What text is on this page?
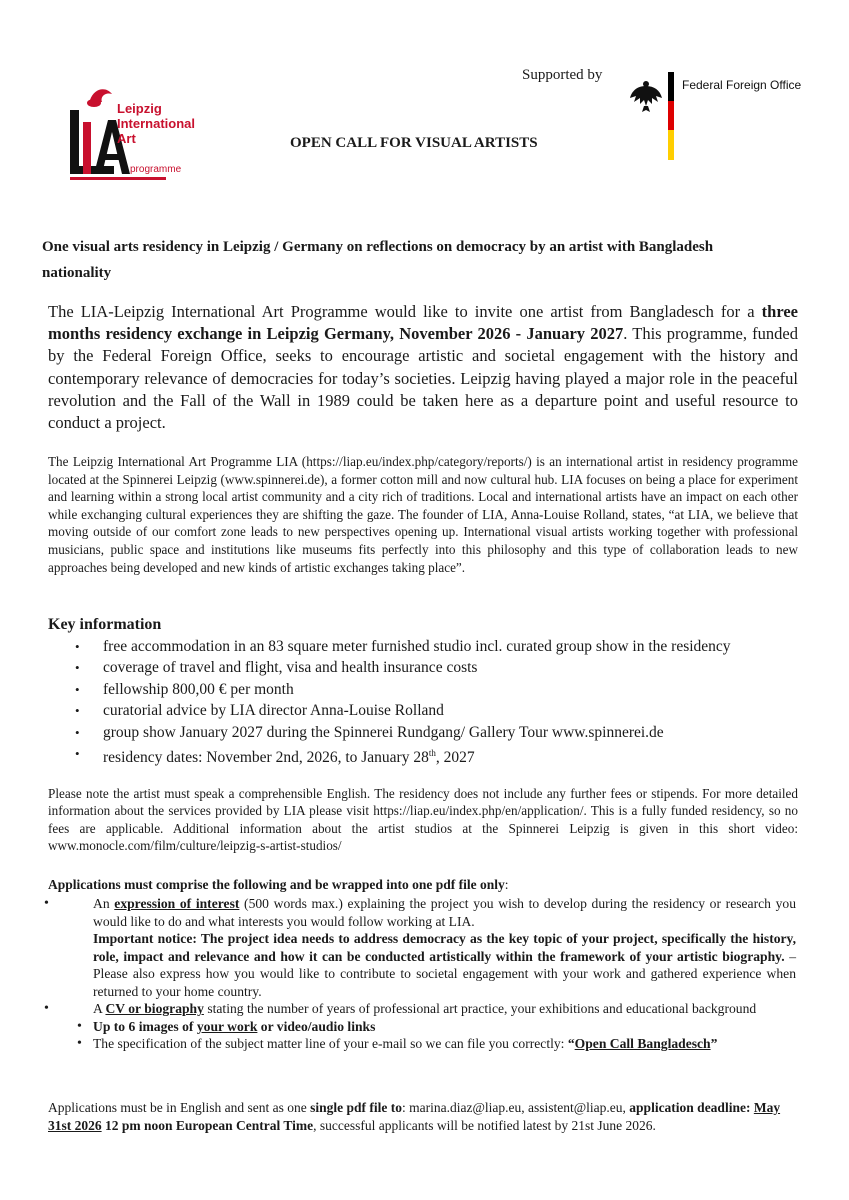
Leipzig
International
Art
programme
Supported by
Federal Foreign Office
OPEN CALL FOR VISUAL ARTISTS
One visual arts residency in Leipzig / Germany on reflections on democracy by an artist with Bangladesh nationality
The LIA-Leipzig International Art Programme would like to invite one artist from Bangladesch for a three months residency exchange in Leipzig Germany, November 2026 - January 2027. This programme, funded by the Federal Foreign Office, seeks to encourage artistic and societal engagement with the history and contemporary relevance of democracies for today’s societies. Leipzig having played a major role in the peaceful revolution and the Fall of the Wall in 1989 could be taken here as a departure point and useful resource to conduct a project.
The Leipzig International Art Programme LIA (https://liap.eu/index.php/category/reports/) is an international artist in residency programme located at the Spinnerei Leipzig (www.spinnerei.de), a former cotton mill and now cultural hub. LIA focuses on being a place for experiment and learning within a strong local artist community and a city rich of traditions. Local and international artists have an impact on each other while exchanging cultural experiences they are shifting the gaze. The founder of LIA, Anna-Louise Rolland, states, “at LIA, we believe that moving outside of our comfort zone leads to new perspectives opening up. International visual artists working together with professional musicians, public space and institutions like museums fits perfectly into this philosophy and this type of collaboration leads to new approaches being developed and new kinds of artistic exchanges taking place”.
Key information
• free accommodation in an 83 square meter furnished studio incl. curated group show in the residency
• coverage of travel and flight, visa and health insurance costs
• fellowship 800,00 € per month
• curatorial advice by LIA director Anna-Louise Rolland
• group show January 2027 during the Spinnerei Rundgang/ Gallery Tour www.spinnerei.de
• residency dates: November 2nd, 2026, to January 28th, 2027
Please note the artist must speak a comprehensible English. The residency does not include any further fees or stipends. For more detailed information about the services provided by LIA please visit https://liap.eu/index.php/en/application/. This is a fully funded residency, so no fees are applicable. Additional information about the artist studios at the Spinnerei Leipzig is given in this short video: www.monocle.com/film/culture/leipzig-s-artist-studios/
Applications must comprise the following and be wrapped into one pdf file only:
•	An expression of interest (500 words max.) explaining the project you wish to develop during the residency or research you would like to do and what interests you would follow working at LIA.
Important notice: The project idea needs to address democracy as the key topic of your project, specifically the history, role, impact and relevance and how it can be conducted artistically within the framework of your artistic biography. – Please also express how you would like to contribute to societal engagement with your work and gathered experience when returned to your home country.
•	A CV or biography stating the number of years of professional art practice, your exhibitions and educational background
• Up to 6 images of your work or video/audio links
• The specification of the subject matter line of your e-mail so we can file you correctly: “Open Call Bangladesch”
Applications must be in English and sent as one single pdf file to: marina.diaz@liap.eu, assistent@liap.eu, application deadline: May 31st 2026 12 pm noon European Central Time, successful applicants will be notified latest by 21st June 2026.
